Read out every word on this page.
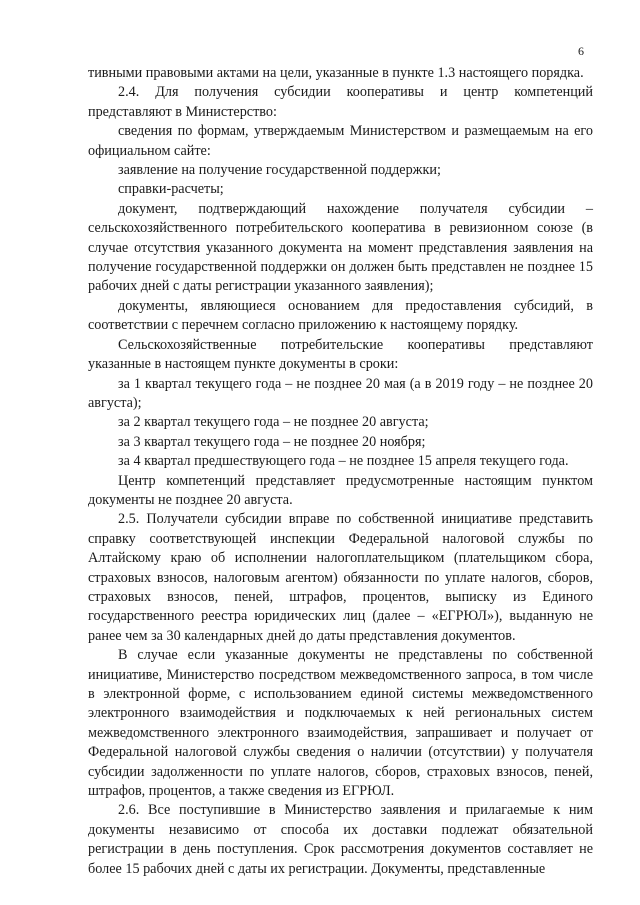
6

тивными правовыми актами на цели, указанные в пункте 1.3 настоящего порядка.

2.4. Для получения субсидии кооперативы и центр компетенций представляют в Министерство:

сведения по формам, утверждаемым Министерством и размещаемым на его официальном сайте:

заявление на получение государственной поддержки;

справки-расчеты;

документ, подтверждающий нахождение получателя субсидии – сельскохозяйственного потребительского кооператива в ревизионном союзе (в случае отсутствия указанного документа на момент представления заявления на получение государственной поддержки он должен быть представлен не позднее 15 рабочих дней с даты регистрации указанного заявления);

документы, являющиеся основанием для предоставления субсидий, в соответствии с перечнем согласно приложению к настоящему порядку.

Сельскохозяйственные потребительские кооперативы представляют указанные в настоящем пункте документы в сроки:

за 1 квартал текущего года – не позднее 20 мая (а в 2019 году – не позднее 20 августа);

за 2 квартал текущего года – не позднее 20 августа;

за 3 квартал текущего года – не позднее 20 ноября;

за 4 квартал предшествующего года – не позднее 15 апреля текущего года.

Центр компетенций представляет предусмотренные настоящим пунктом документы не позднее 20 августа.

2.5. Получатели субсидии вправе по собственной инициативе представить справку соответствующей инспекции Федеральной налоговой службы по Алтайскому краю об исполнении налогоплательщиком (плательщиком сбора, страховых взносов, налоговым агентом) обязанности по уплате налогов, сборов, страховых взносов, пеней, штрафов, процентов, выписку из Единого государственного реестра юридических лиц (далее – «ЕГРЮЛ»), выданную не ранее чем за 30 календарных дней до даты представления документов.

В случае если указанные документы не представлены по собственной инициативе, Министерство посредством межведомственного запроса, в том числе в электронной форме, с использованием единой системы межведомственного электронного взаимодействия и подключаемых к ней региональных систем межведомственного электронного взаимодействия, запрашивает и получает от Федеральной налоговой службы сведения о наличии (отсутствии) у получателя субсидии задолженности по уплате налогов, сборов, страховых взносов, пеней, штрафов, процентов, а также сведения из ЕГРЮЛ.

2.6. Все поступившие в Министерство заявления и прилагаемые к ним документы независимо от способа их доставки подлежат обязательной регистрации в день поступления. Срок рассмотрения документов составляет не более 15 рабочих дней с даты их регистрации. Документы, представленные
